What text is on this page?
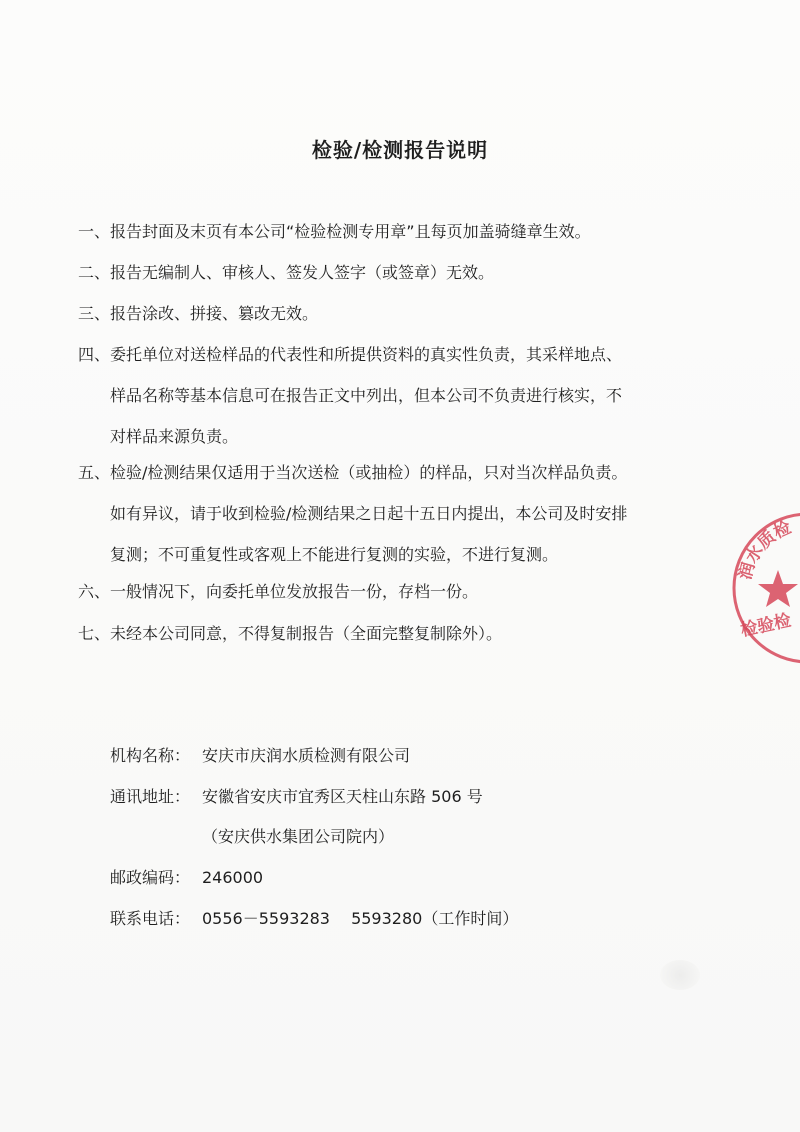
检验/检测报告说明
一、报告封面及末页有本公司“检验检测专用章”且每页加盖骑缝章生效。
二、报告无编制人、审核人、签发人签字（或签章）无效。
三、报告涂改、拼接、篡改无效。
四、委托单位对送检样品的代表性和所提供资料的真实性负责，其采样地点、
样品名称等基本信息可在报告正文中列出，但本公司不负责进行核实，不
对样品来源负责。
五、检验/检测结果仅适用于当次送检（或抽检）的样品，只对当次样品负责。
如有异议，请于收到检验/检测结果之日起十五日内提出，本公司及时安排
复测；不可重复性或客观上不能进行复测的实验，不进行复测。
六、一般情况下，向委托单位发放报告一份，存档一份。
七、未经本公司同意，不得复制报告（全面完整复制除外）。
机构名称： 安庆市庆润水质检测有限公司
通讯地址： 安徽省安庆市宜秀区天柱山东路 506 号
（安庆供水集团公司院内）
邮政编码： 246000
联系电话： 0556－5593283　 5593280（工作时间）
润水质检
检验检
